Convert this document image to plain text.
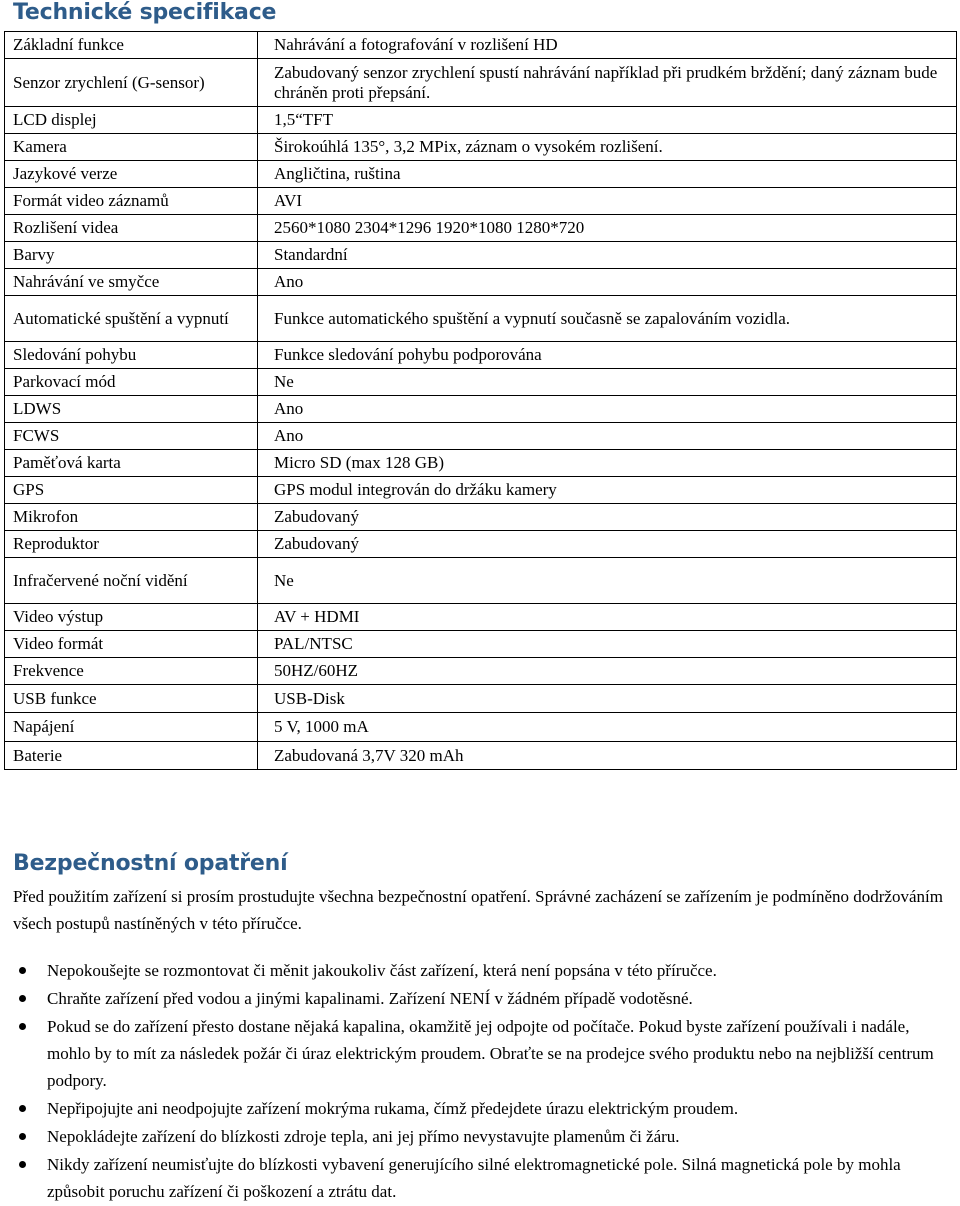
Technické specifikace
Základní funkce	Nahrávání a fotografování v rozlišení HD
Senzor zrychlení (G-sensor)	Zabudovaný senzor zrychlení spustí nahrávání například při prudkém brždění; daný záznam bude chráněn proti přepsání.
LCD displej	1,5“TFT
Kamera	Širokoúhlá 135°, 3,2 MPix, záznam o vysokém rozlišení.
Jazykové verze	Angličtina, ruština
Formát video záznamů	AVI
Rozlišení videa	2560*1080 2304*1296 1920*1080 1280*720
Barvy	Standardní
Nahrávání ve smyčce	Ano
Automatické spuštění a vypnutí	Funkce automatického spuštění a vypnutí současně se zapalováním vozidla.
Sledování pohybu	Funkce sledování pohybu podporována
Parkovací mód	Ne
LDWS	Ano
FCWS	Ano
Paměťová karta	Micro SD (max 128 GB)
GPS	GPS modul integrován do držáku kamery
Mikrofon	Zabudovaný
Reproduktor	Zabudovaný
Infračervené noční vidění	Ne
Video výstup	AV + HDMI
Video formát	PAL/NTSC
Frekvence	50HZ/60HZ
USB funkce	USB-Disk
Napájení	5 V, 1000 mA
Baterie	Zabudovaná 3,7V 320 mAh
Bezpečnostní opatření

Před použitím zařízení si prosím prostudujte všechna bezpečnostní opatření. Správné zacházení se zařízením je podmíněno dodržováním všech postupů nastíněných v této příručce.

Nepokoušejte se rozmontovat či měnit jakoukoliv část zařízení, která není popsána v této příručce.
Chraňte zařízení před vodou a jinými kapalinami. Zařízení NENÍ v žádném případě vodotěsné.
Pokud se do zařízení přesto dostane nějaká kapalina, okamžitě jej odpojte od počítače. Pokud byste zařízení používali i nadále, mohlo by to mít za následek požár či úraz elektrickým proudem. Obraťte se na prodejce svého produktu nebo na nejbližší centrum podpory.
Nepřipojujte ani neodpojujte zařízení mokrýma rukama, čímž předejdete úrazu elektrickým proudem.
Nepokládejte zařízení do blízkosti zdroje tepla, ani jej přímo nevystavujte plamenům či žáru.
Nikdy zařízení neumisťujte do blízkosti vybavení generujícího silné elektromagnetické pole. Silná magnetická pole by mohla způsobit poruchu zařízení či poškození a ztrátu dat.
